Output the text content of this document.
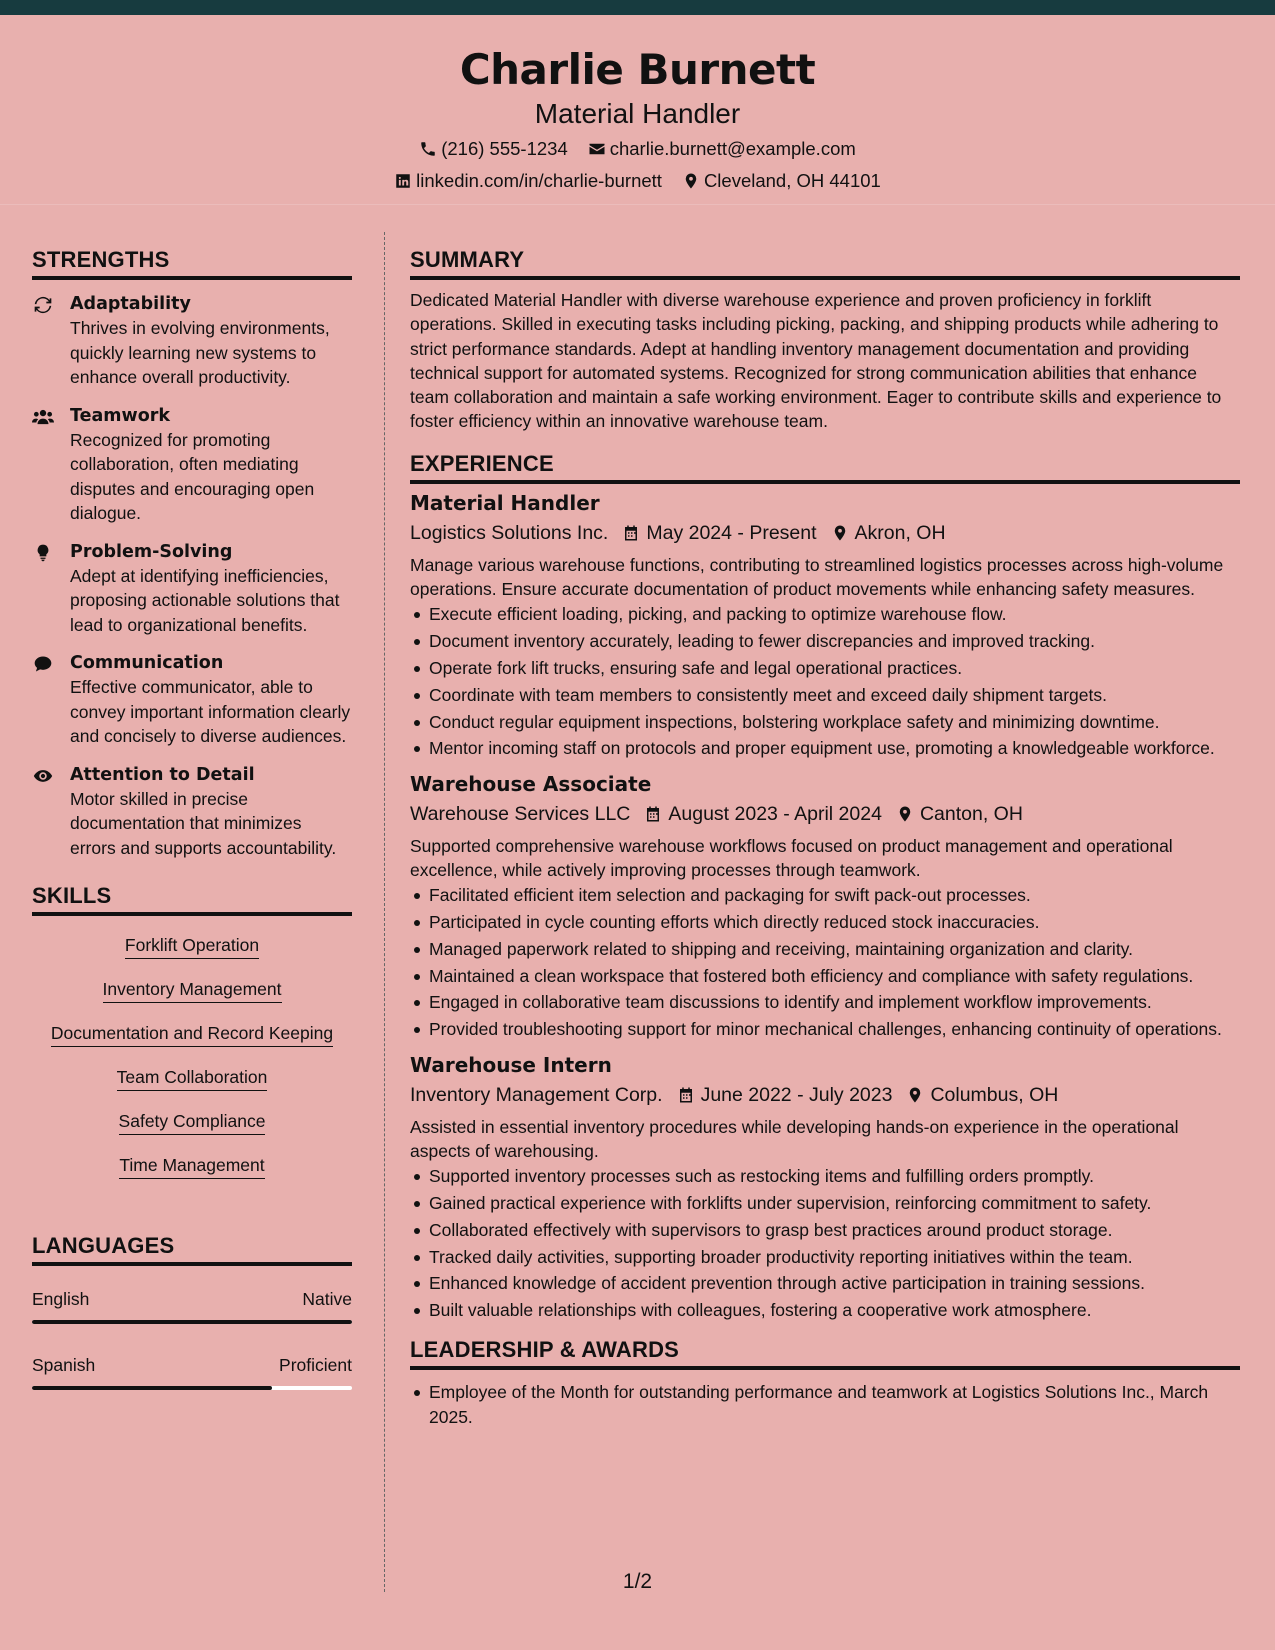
Charlie Burnett
Material Handler
(216) 555-1234 charlie.burnett@example.com
linkedin.com/in/charlie-burnett Cleveland, OH 44101
STRENGTHS
Adaptability
Thrives in evolving environments, quickly learning new systems to enhance overall productivity.
Teamwork
Recognized for promoting collaboration, often mediating disputes and encouraging open dialogue.
Problem-Solving
Adept at identifying inefficiencies, proposing actionable solutions that lead to organizational benefits.
Communication
Effective communicator, able to convey important information clearly and concisely to diverse audiences.
Attention to Detail
Motor skilled in precise documentation that minimizes errors and supports accountability.
SKILLS
Forklift Operation
Inventory Management
Documentation and Record Keeping
Team Collaboration
Safety Compliance
Time Management
LANGUAGES
English	Native
Spanish	Proficient
SUMMARY
Dedicated Material Handler with diverse warehouse experience and proven proficiency in forklift operations. Skilled in executing tasks including picking, packing, and shipping products while adhering to strict performance standards. Adept at handling inventory management documentation and providing technical support for automated systems. Recognized for strong communication abilities that enhance team collaboration and maintain a safe working environment. Eager to contribute skills and experience to foster efficiency within an innovative warehouse team.
EXPERIENCE
Material Handler
Logistics Solutions Inc. May 2024 - Present Akron, OH
Manage various warehouse functions, contributing to streamlined logistics processes across high-volume operations. Ensure accurate documentation of product movements while enhancing safety measures.
Execute efficient loading, picking, and packing to optimize warehouse flow.
Document inventory accurately, leading to fewer discrepancies and improved tracking.
Operate fork lift trucks, ensuring safe and legal operational practices.
Coordinate with team members to consistently meet and exceed daily shipment targets.
Conduct regular equipment inspections, bolstering workplace safety and minimizing downtime.
Mentor incoming staff on protocols and proper equipment use, promoting a knowledgeable workforce.
Warehouse Associate
Warehouse Services LLC August 2023 - April 2024 Canton, OH
Supported comprehensive warehouse workflows focused on product management and operational excellence, while actively improving processes through teamwork.
Facilitated efficient item selection and packaging for swift pack-out processes.
Participated in cycle counting efforts which directly reduced stock inaccuracies.
Managed paperwork related to shipping and receiving, maintaining organization and clarity.
Maintained a clean workspace that fostered both efficiency and compliance with safety regulations.
Engaged in collaborative team discussions to identify and implement workflow improvements.
Provided troubleshooting support for minor mechanical challenges, enhancing continuity of operations.
Warehouse Intern
Inventory Management Corp. June 2022 - July 2023 Columbus, OH
Assisted in essential inventory procedures while developing hands-on experience in the operational aspects of warehousing.
Supported inventory processes such as restocking items and fulfilling orders promptly.
Gained practical experience with forklifts under supervision, reinforcing commitment to safety.
Collaborated effectively with supervisors to grasp best practices around product storage.
Tracked daily activities, supporting broader productivity reporting initiatives within the team.
Enhanced knowledge of accident prevention through active participation in training sessions.
Built valuable relationships with colleagues, fostering a cooperative work atmosphere.
LEADERSHIP & AWARDS
Employee of the Month for outstanding performance and teamwork at Logistics Solutions Inc., March 2025.
1/2
